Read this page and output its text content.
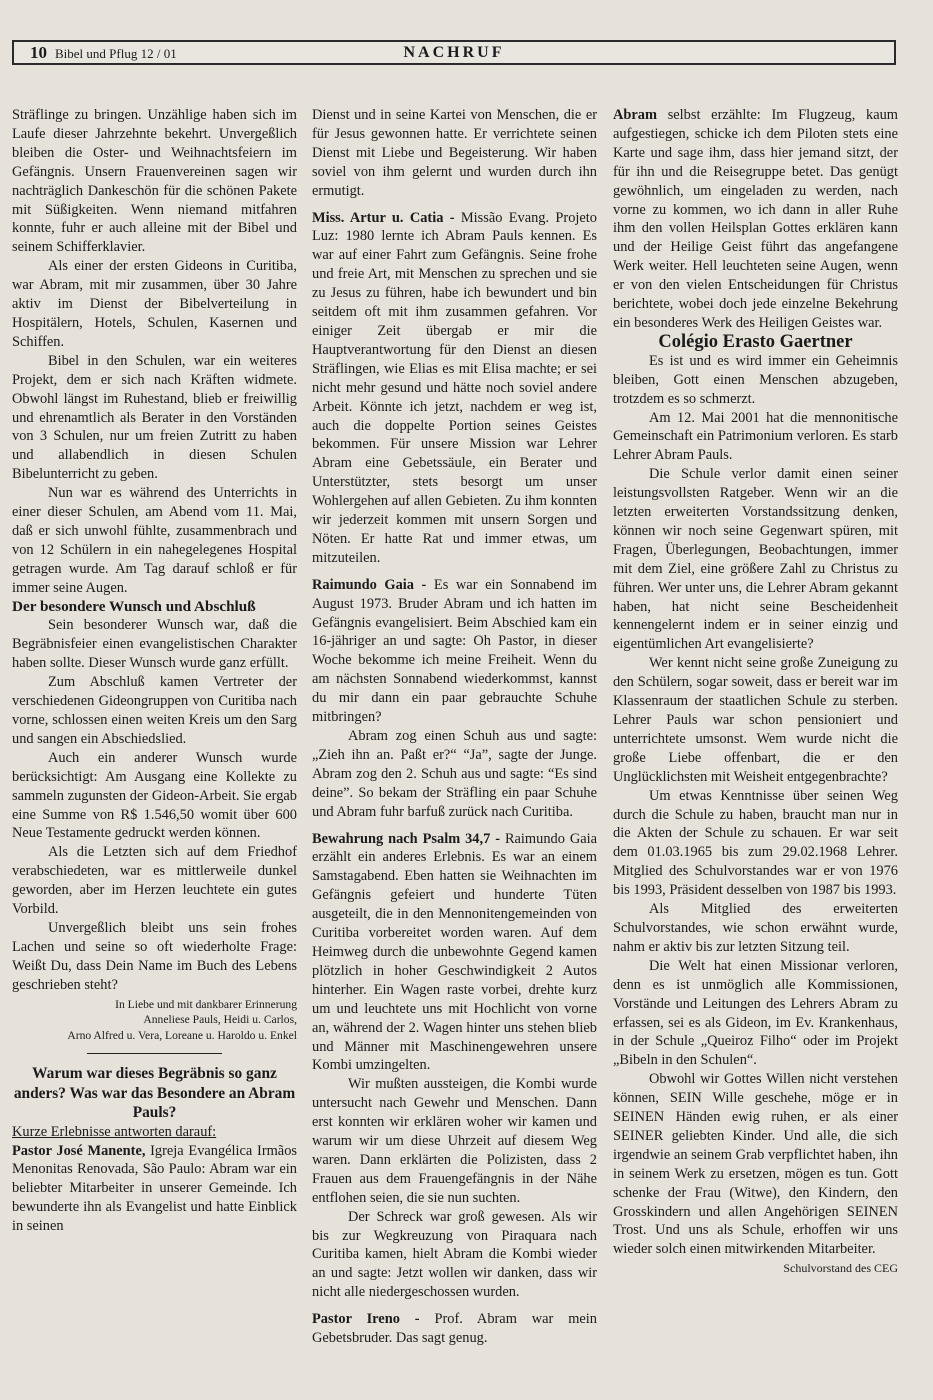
10 Bibel und Pflug 12 / 01	NACHRUF

Sträflinge zu bringen. Unzählige haben sich im Laufe dieser Jahrzehnte bekehrt. Unvergeßlich bleiben die Oster- und Weihnachtsfeiern im Gefängnis. Unsern Frauenvereinen sagen wir nachträglich Dankeschön für die schönen Pakete mit Süßigkeiten. Wenn niemand mitfahren konnte, fuhr er auch alleine mit der Bibel und seinem Schifferklavier.

Als einer der ersten Gideons in Curitiba, war Abram, mit mir zusammen, über 30 Jahre aktiv im Dienst der Bibelverteilung in Hospitälern, Hotels, Schulen, Kasernen und Schiffen.

Bibel in den Schulen, war ein weiteres Projekt, dem er sich nach Kräften widmete. Obwohl längst im Ruhestand, blieb er freiwillig und ehrenamtlich als Berater in den Vorständen von 3 Schulen, nur um freien Zutritt zu haben und allabendlich in diesen Schulen Bibelunterricht zu geben.

Nun war es während des Unterrichts in einer dieser Schulen, am Abend vom 11. Mai, daß er sich unwohl fühlte, zusammenbrach und von 12 Schülern in ein nahegelegenes Hospital getragen wurde. Am Tag darauf schloß er für immer seine Augen.

Der besondere Wunsch und Abschluß

Sein besonderer Wunsch war, daß die Begräbnisfeier einen evangelistischen Charakter haben sollte. Dieser Wunsch wurde ganz erfüllt.

Zum Abschluß kamen Vertreter der verschiedenen Gideongruppen von Curitiba nach vorne, schlossen einen weiten Kreis um den Sarg und sangen ein Abschiedslied.

Auch ein anderer Wunsch wurde berücksichtigt: Am Ausgang eine Kollekte zu sammeln zugunsten der Gideon-Arbeit. Sie ergab eine Summe von R$ 1.546,50 womit über 600 Neue Testamente gedruckt werden können.

Als die Letzten sich auf dem Friedhof verabschiedeten, war es mittlerweile dunkel geworden, aber im Herzen leuchtete ein gutes Vorbild.

Unvergeßlich bleibt uns sein frohes Lachen und seine so oft wiederholte Frage: Weißt Du, dass Dein Name im Buch des Lebens geschrieben steht?

In Liebe und mit dankbarer Erinnerung
Anneliese Pauls, Heidi u. Carlos,
Arno Alfred u. Vera, Loreane u. Haroldo u. Enkel

Warum war dieses Begräbnis so ganz anders? Was war das Besondere an Abram Pauls?

Kurze Erlebnisse antworten darauf:

Pastor José Manente, Igreja Evangélica Irmãos Menonitas Renovada, São Paulo: Abram war ein beliebter Mitarbeiter in unserer Gemeinde. Ich bewunderte ihn als Evangelist und hatte Einblick in seinen

Dienst und in seine Kartei von Menschen, die er für Jesus gewonnen hatte. Er verrichtete seinen Dienst mit Liebe und Begeisterung. Wir haben soviel von ihm gelernt und wurden durch ihn ermutigt.

Miss. Artur u. Catia - Missão Evang. Projeto Luz: 1980 lernte ich Abram Pauls kennen. Es war auf einer Fahrt zum Gefängnis. Seine frohe und freie Art, mit Menschen zu sprechen und sie zu Jesus zu führen, habe ich bewundert und bin seitdem oft mit ihm zusammen gefahren. Vor einiger Zeit übergab er mir die Hauptverantwortung für den Dienst an diesen Sträflingen, wie Elias es mit Elisa machte; er sei nicht mehr gesund und hätte noch soviel andere Arbeit. Könnte ich jetzt, nachdem er weg ist, auch die doppelte Portion seines Geistes bekommen. Für unsere Mission war Lehrer Abram eine Gebetssäule, ein Berater und Unterstützter, stets besorgt um unser Wohlergehen auf allen Gebieten. Zu ihm konnten wir jederzeit kommen mit unsern Sorgen und Nöten. Er hatte Rat und immer etwas, um mitzuteilen.

Raimundo Gaia - Es war ein Sonnabend im August 1973. Bruder Abram und ich hatten im Gefängnis evangelisiert. Beim Abschied kam ein 16-jähriger an und sagte: Oh Pastor, in dieser Woche bekomme ich meine Freiheit. Wenn du am nächsten Sonnabend wiederkommst, kannst du mir dann ein paar gebrauchte Schuhe mitbringen?

Abram zog einen Schuh aus und sagte: „Zieh ihn an. Paßt er?“ “Ja”, sagte der Junge. Abram zog den 2. Schuh aus und sagte: “Es sind deine”. So bekam der Sträfling ein paar Schuhe und Abram fuhr barfuß zurück nach Curitiba.

Bewahrung nach Psalm 34,7 - Raimundo Gaia erzählt ein anderes Erlebnis. Es war an einem Samstagabend. Eben hatten sie Weihnachten im Gefängnis gefeiert und hunderte Tüten ausgeteilt, die in den Mennonitengemeinden von Curitiba vorbereitet worden waren. Auf dem Heimweg durch die unbewohnte Gegend kamen plötzlich in hoher Geschwindigkeit 2 Autos hinterher. Ein Wagen raste vorbei, drehte kurz um und leuchtete uns mit Hochlicht von vorne an, während der 2. Wagen hinter uns stehen blieb und Männer mit Maschinengewehren unsere Kombi umzingelten.

Wir mußten aussteigen, die Kombi wurde untersucht nach Gewehr und Menschen. Dann erst konnten wir erklären woher wir kamen und warum wir um diese Uhrzeit auf diesem Weg waren. Dann erklärten die Polizisten, dass 2 Frauen aus dem Frauengefängnis in der Nähe entflohen seien, die sie nun suchten.

Der Schreck war groß gewesen. Als wir bis zur Wegkreuzung von Piraquara nach Curitiba kamen, hielt Abram die Kombi wieder an und sagte: Jetzt wollen wir danken, dass wir nicht alle niedergeschossen wurden.

Pastor Ireno - Prof. Abram war mein Gebetsbruder. Das sagt genug.

Abram selbst erzählte: Im Flugzeug, kaum aufgestiegen, schicke ich dem Piloten stets eine Karte und sage ihm, dass hier jemand sitzt, der für ihn und die Reisegruppe betet. Das genügt gewöhnlich, um eingeladen zu werden, nach vorne zu kommen, wo ich dann in aller Ruhe ihm den vollen Heilsplan Gottes erklären kann und der Heilige Geist führt das angefangene Werk weiter. Hell leuchteten seine Augen, wenn er von den vielen Entscheidungen für Christus berichtete, wobei doch jede einzelne Bekehrung ein besonderes Werk des Heiligen Geistes war.

Colégio Erasto Gaertner

Es ist und es wird immer ein Geheimnis bleiben, Gott einen Menschen abzugeben, trotzdem es so schmerzt.

Am 12. Mai 2001 hat die mennonitische Gemeinschaft ein Patrimonium verloren. Es starb Lehrer Abram Pauls.

Die Schule verlor damit einen seiner leistungsvollsten Ratgeber. Wenn wir an die letzten erweiterten Vorstandssitzung denken, können wir noch seine Gegenwart spüren, mit Fragen, Überlegungen, Beobachtungen, immer mit dem Ziel, eine größere Zahl zu Christus zu führen. Wer unter uns, die Lehrer Abram gekannt haben, hat nicht seine Bescheidenheit kennengelernt indem er in seiner einzig und eigentümlichen Art evangelisierte?

Wer kennt nicht seine große Zuneigung zu den Schülern, sogar soweit, dass er bereit war im Klassenraum der staatlichen Schule zu sterben. Lehrer Pauls war schon pensioniert und unterrichtete umsonst. Wem wurde nicht die große Liebe offenbart, die er den Unglücklichsten mit Weisheit entgegenbrachte?

Um etwas Kenntnisse über seinen Weg durch die Schule zu haben, braucht man nur in die Akten der Schule zu schauen. Er war seit dem 01.03.1965 bis zum 29.02.1968 Lehrer. Mitglied des Schulvorstandes war er von 1976 bis 1993, Präsident desselben von 1987 bis 1993.

Als Mitglied des erweiterten Schulvorstandes, wie schon erwähnt wurde, nahm er aktiv bis zur letzten Sitzung teil.

Die Welt hat einen Missionar verloren, denn es ist unmöglich alle Kommissionen, Vorstände und Leitungen des Lehrers Abram zu erfassen, sei es als Gideon, im Ev. Krankenhaus, in der Schule „Queiroz Filho“ oder im Projekt „Bibeln in den Schulen“.

Obwohl wir Gottes Willen nicht verstehen können, SEIN Wille geschehe, möge er in SEINEN Händen ewig ruhen, er als einer SEINER geliebten Kinder. Und alle, die sich irgendwie an seinem Grab verpflichtet haben, ihn in seinem Werk zu ersetzen, mögen es tun. Gott schenke der Frau (Witwe), den Kindern, den Grosskindern und allen Angehörigen SEINEN Trost. Und uns als Schule, erhoffen wir uns wieder solch einen mitwirkenden Mitarbeiter.

Schulvorstand des CEG
